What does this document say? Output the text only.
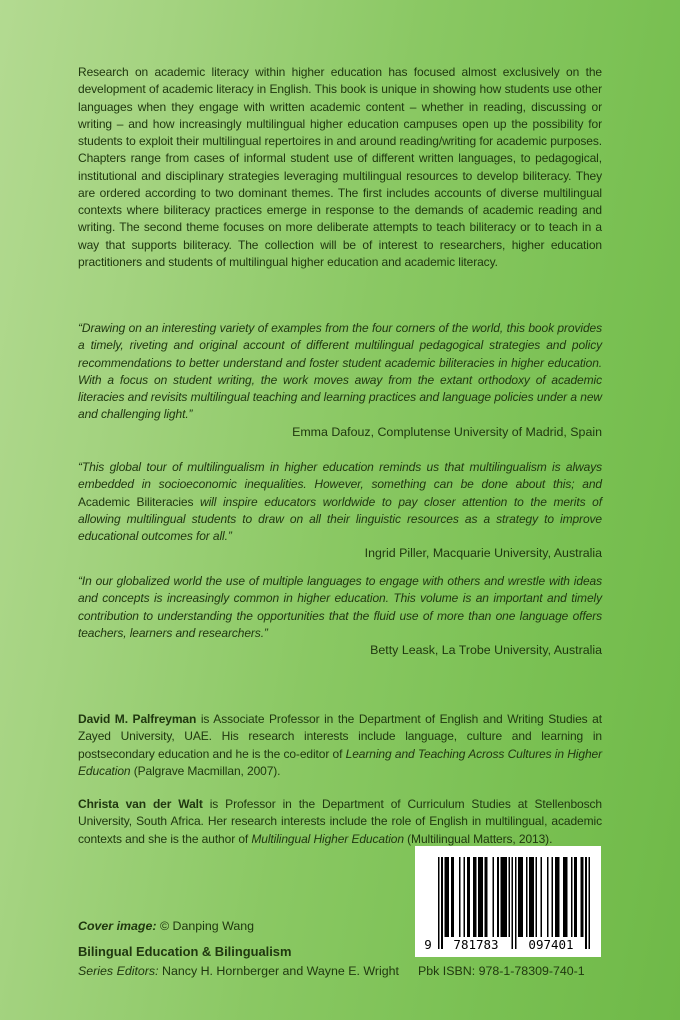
Research on academic literacy within higher education has focused almost exclusively on the development of academic literacy in English. This book is unique in showing how students use other languages when they engage with written academic content – whether in reading, discussing or writing – and how increasingly multilingual higher education campuses open up the possibility for students to exploit their multilingual repertoires in and around reading/writing for academic purposes. Chapters range from cases of informal student use of different written languages, to pedagogical, institutional and disciplinary strategies leveraging multilingual resources to develop biliteracy. They are ordered according to two dominant themes. The first includes accounts of diverse multilingual contexts where biliteracy practices emerge in response to the demands of academic reading and writing. The second theme focuses on more deliberate attempts to teach biliteracy or to teach in a way that supports biliteracy. The collection will be of interest to researchers, higher education practitioners and students of multilingual higher education and academic literacy.

“Drawing on an interesting variety of examples from the four corners of the world, this book provides a timely, riveting and original account of different multilingual pedagogical strategies and policy recommendations to better understand and foster student academic biliteracies in higher education. With a focus on student writing, the work moves away from the extant orthodoxy of academic literacies and revisits multilingual teaching and learning practices and language policies under a new and challenging light.”

Emma Dafouz, Complutense University of Madrid, Spain

“This global tour of multilingualism in higher education reminds us that multilingualism is always embedded in socioeconomic inequalities. However, something can be done about this; and Academic Biliteracies will inspire educators worldwide to pay closer attention to the merits of allowing multilingual students to draw on all their linguistic resources as a strategy to improve educational outcomes for all.”

Ingrid Piller, Macquarie University, Australia

“In our globalized world the use of multiple languages to engage with others and wrestle with ideas and concepts is increasingly common in higher education. This volume is an important and timely contribution to understanding the opportunities that the fluid use of more than one language offers teachers, learners and researchers.”

Betty Leask, La Trobe University, Australia

David M. Palfreyman is Associate Professor in the Department of English and Writing Studies at Zayed University, UAE. His research interests include language, culture and learning in postsecondary education and he is the co-editor of Learning and Teaching Across Cultures in Higher Education (Palgrave Macmillan, 2007).

Christa van der Walt is Professor in the Department of Curriculum Studies at Stellenbosch University, South Africa. Her research interests include the role of English in multilingual, academic contexts and she is the author of Multilingual Higher Education (Multilingual Matters, 2013).

Cover image: © Danping Wang

Bilingual Education & Bilingualism

Series Editors: Nancy H. Hornberger and Wayne E. Wright

9	781783	097401

Pbk ISBN: 978-1-78309-740-1
